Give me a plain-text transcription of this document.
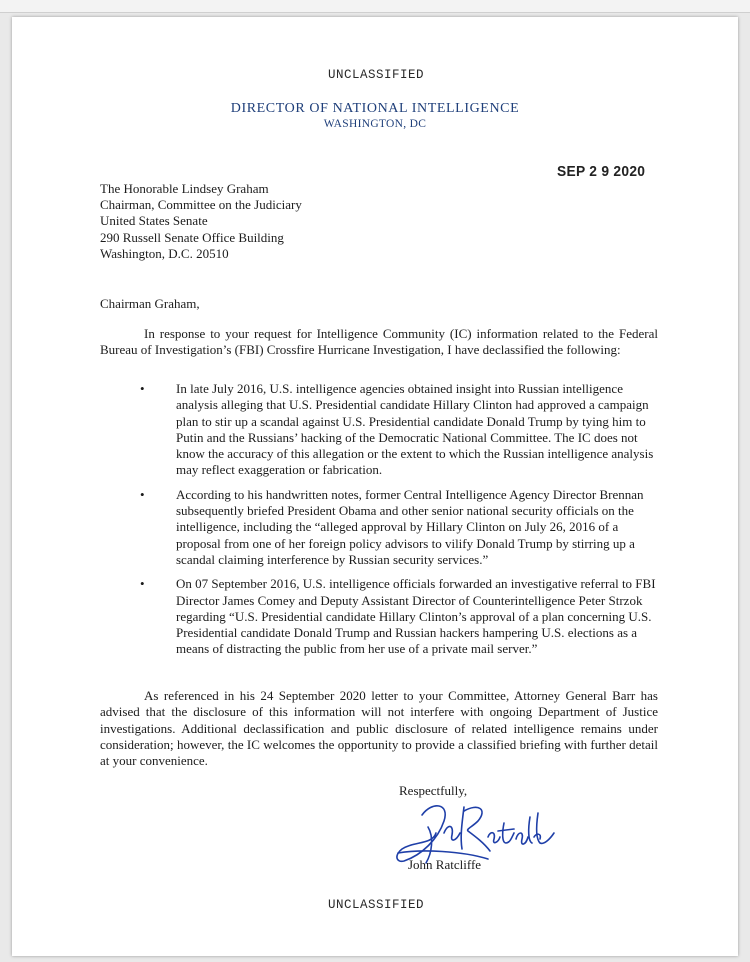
UNCLASSIFIED
DIRECTOR OF NATIONAL INTELLIGENCE
WASHINGTON, DC
SEP 2 9 2020
The Honorable Lindsey Graham
Chairman, Committee on the Judiciary
United States Senate
290 Russell Senate Office Building
Washington, D.C. 20510
Chairman Graham,
In response to your request for Intelligence Community (IC) information related to the Federal Bureau of Investigation’s (FBI) Crossfire Hurricane Investigation, I have declassified the following:
• In late July 2016, U.S. intelligence agencies obtained insight into Russian intelligence analysis alleging that U.S. Presidential candidate Hillary Clinton had approved a campaign plan to stir up a scandal against U.S. Presidential candidate Donald Trump by tying him to Putin and the Russians’ hacking of the Democratic National Committee. The IC does not know the accuracy of this allegation or the extent to which the Russian intelligence analysis may reflect exaggeration or fabrication.
• According to his handwritten notes, former Central Intelligence Agency Director Brennan subsequently briefed President Obama and other senior national security officials on the intelligence, including the “alleged approval by Hillary Clinton on July 26, 2016 of a proposal from one of her foreign policy advisors to vilify Donald Trump by stirring up a scandal claiming interference by Russian security services.”
• On 07 September 2016, U.S. intelligence officials forwarded an investigative referral to FBI Director James Comey and Deputy Assistant Director of Counterintelligence Peter Strzok regarding “U.S. Presidential candidate Hillary Clinton’s approval of a plan concerning U.S. Presidential candidate Donald Trump and Russian hackers hampering U.S. elections as a means of distracting the public from her use of a private mail server.”
As referenced in his 24 September 2020 letter to your Committee, Attorney General Barr has advised that the disclosure of this information will not interfere with ongoing Department of Justice investigations. Additional declassification and public disclosure of related intelligence remains under consideration; however, the IC welcomes the opportunity to provide a classified briefing with further detail at your convenience.
Respectfully,
John Ratcliffe
UNCLASSIFIED
